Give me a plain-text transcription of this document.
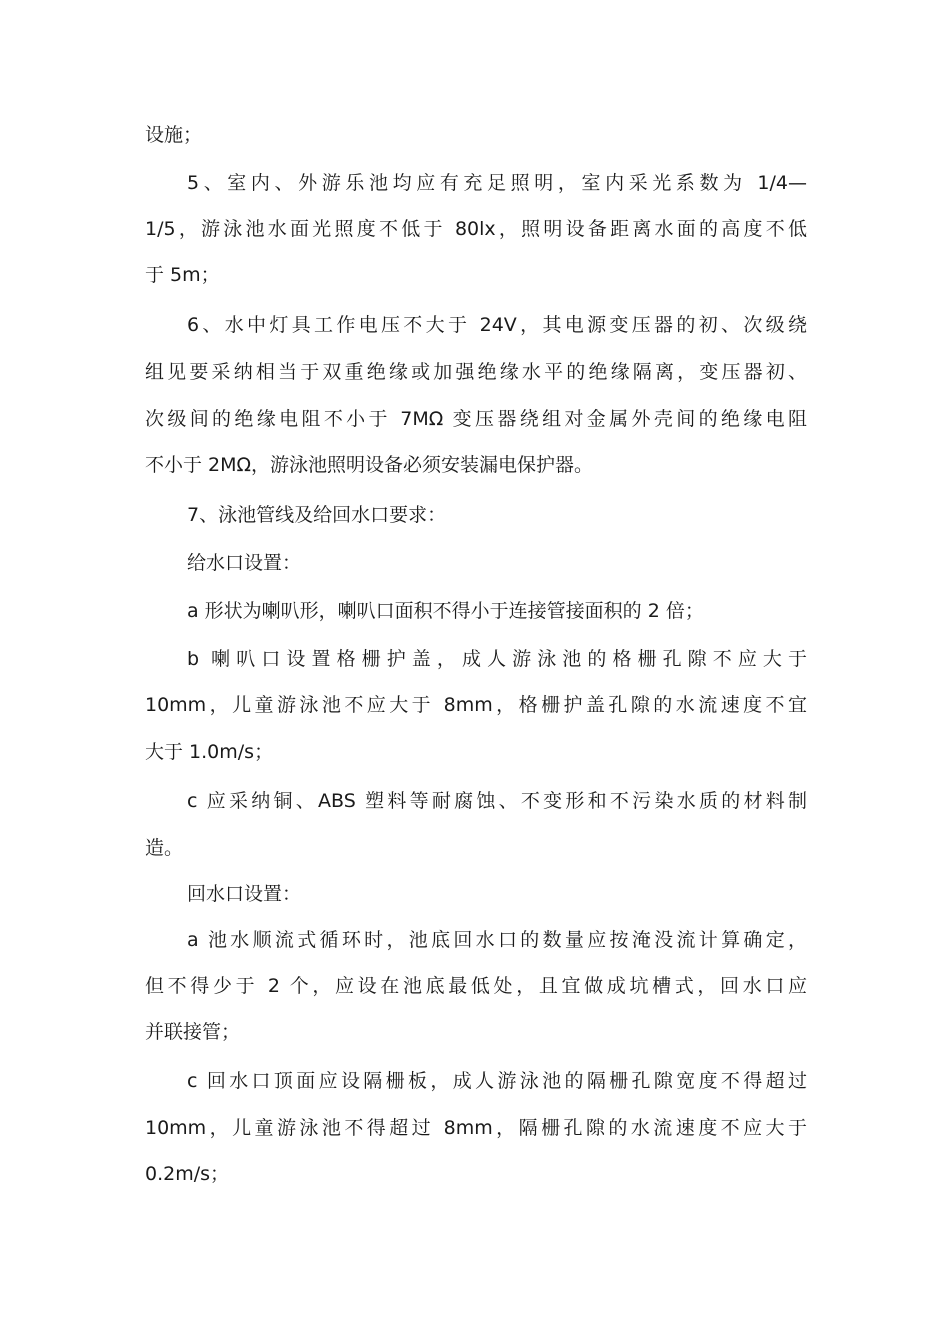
设施；
5、室内、外游乐池均应有充足照明，室内采光系数为 1/4—
1/5，游泳池水面光照度不低于 80lx，照明设备距离水面的高度不低
于 5m；
6、水中灯具工作电压不大于 24V，其电源变压器的初、次级绕
组见要采纳相当于双重绝缘或加强绝缘水平的绝缘隔离，变压器初、
次级间的绝缘电阻不小于 7MΩ 变压器绕组对金属外壳间的绝缘电阻
不小于 2MΩ，游泳池照明设备必须安装漏电保护器。
7、泳池管线及给回水口要求：
给水口设置：
a 形状为喇叭形，喇叭口面积不得小于连接管接面积的 2 倍；
b 喇叭口设置格栅护盖，成人游泳池的格栅孔隙不应大于
10mm，儿童游泳池不应大于 8mm，格栅护盖孔隙的水流速度不宜
大于 1.0m/s；
c 应采纳铜、ABS 塑料等耐腐蚀、不变形和不污染水质的材料制
造。
回水口设置：
a 池水顺流式循环时，池底回水口的数量应按淹没流计算确定，
但不得少于 2 个，应设在池底最低处，且宜做成坑槽式，回水口应
并联接管；
c 回水口顶面应设隔栅板，成人游泳池的隔栅孔隙宽度不得超过
10mm，儿童游泳池不得超过 8mm，隔栅孔隙的水流速度不应大于
0.2m/s；
